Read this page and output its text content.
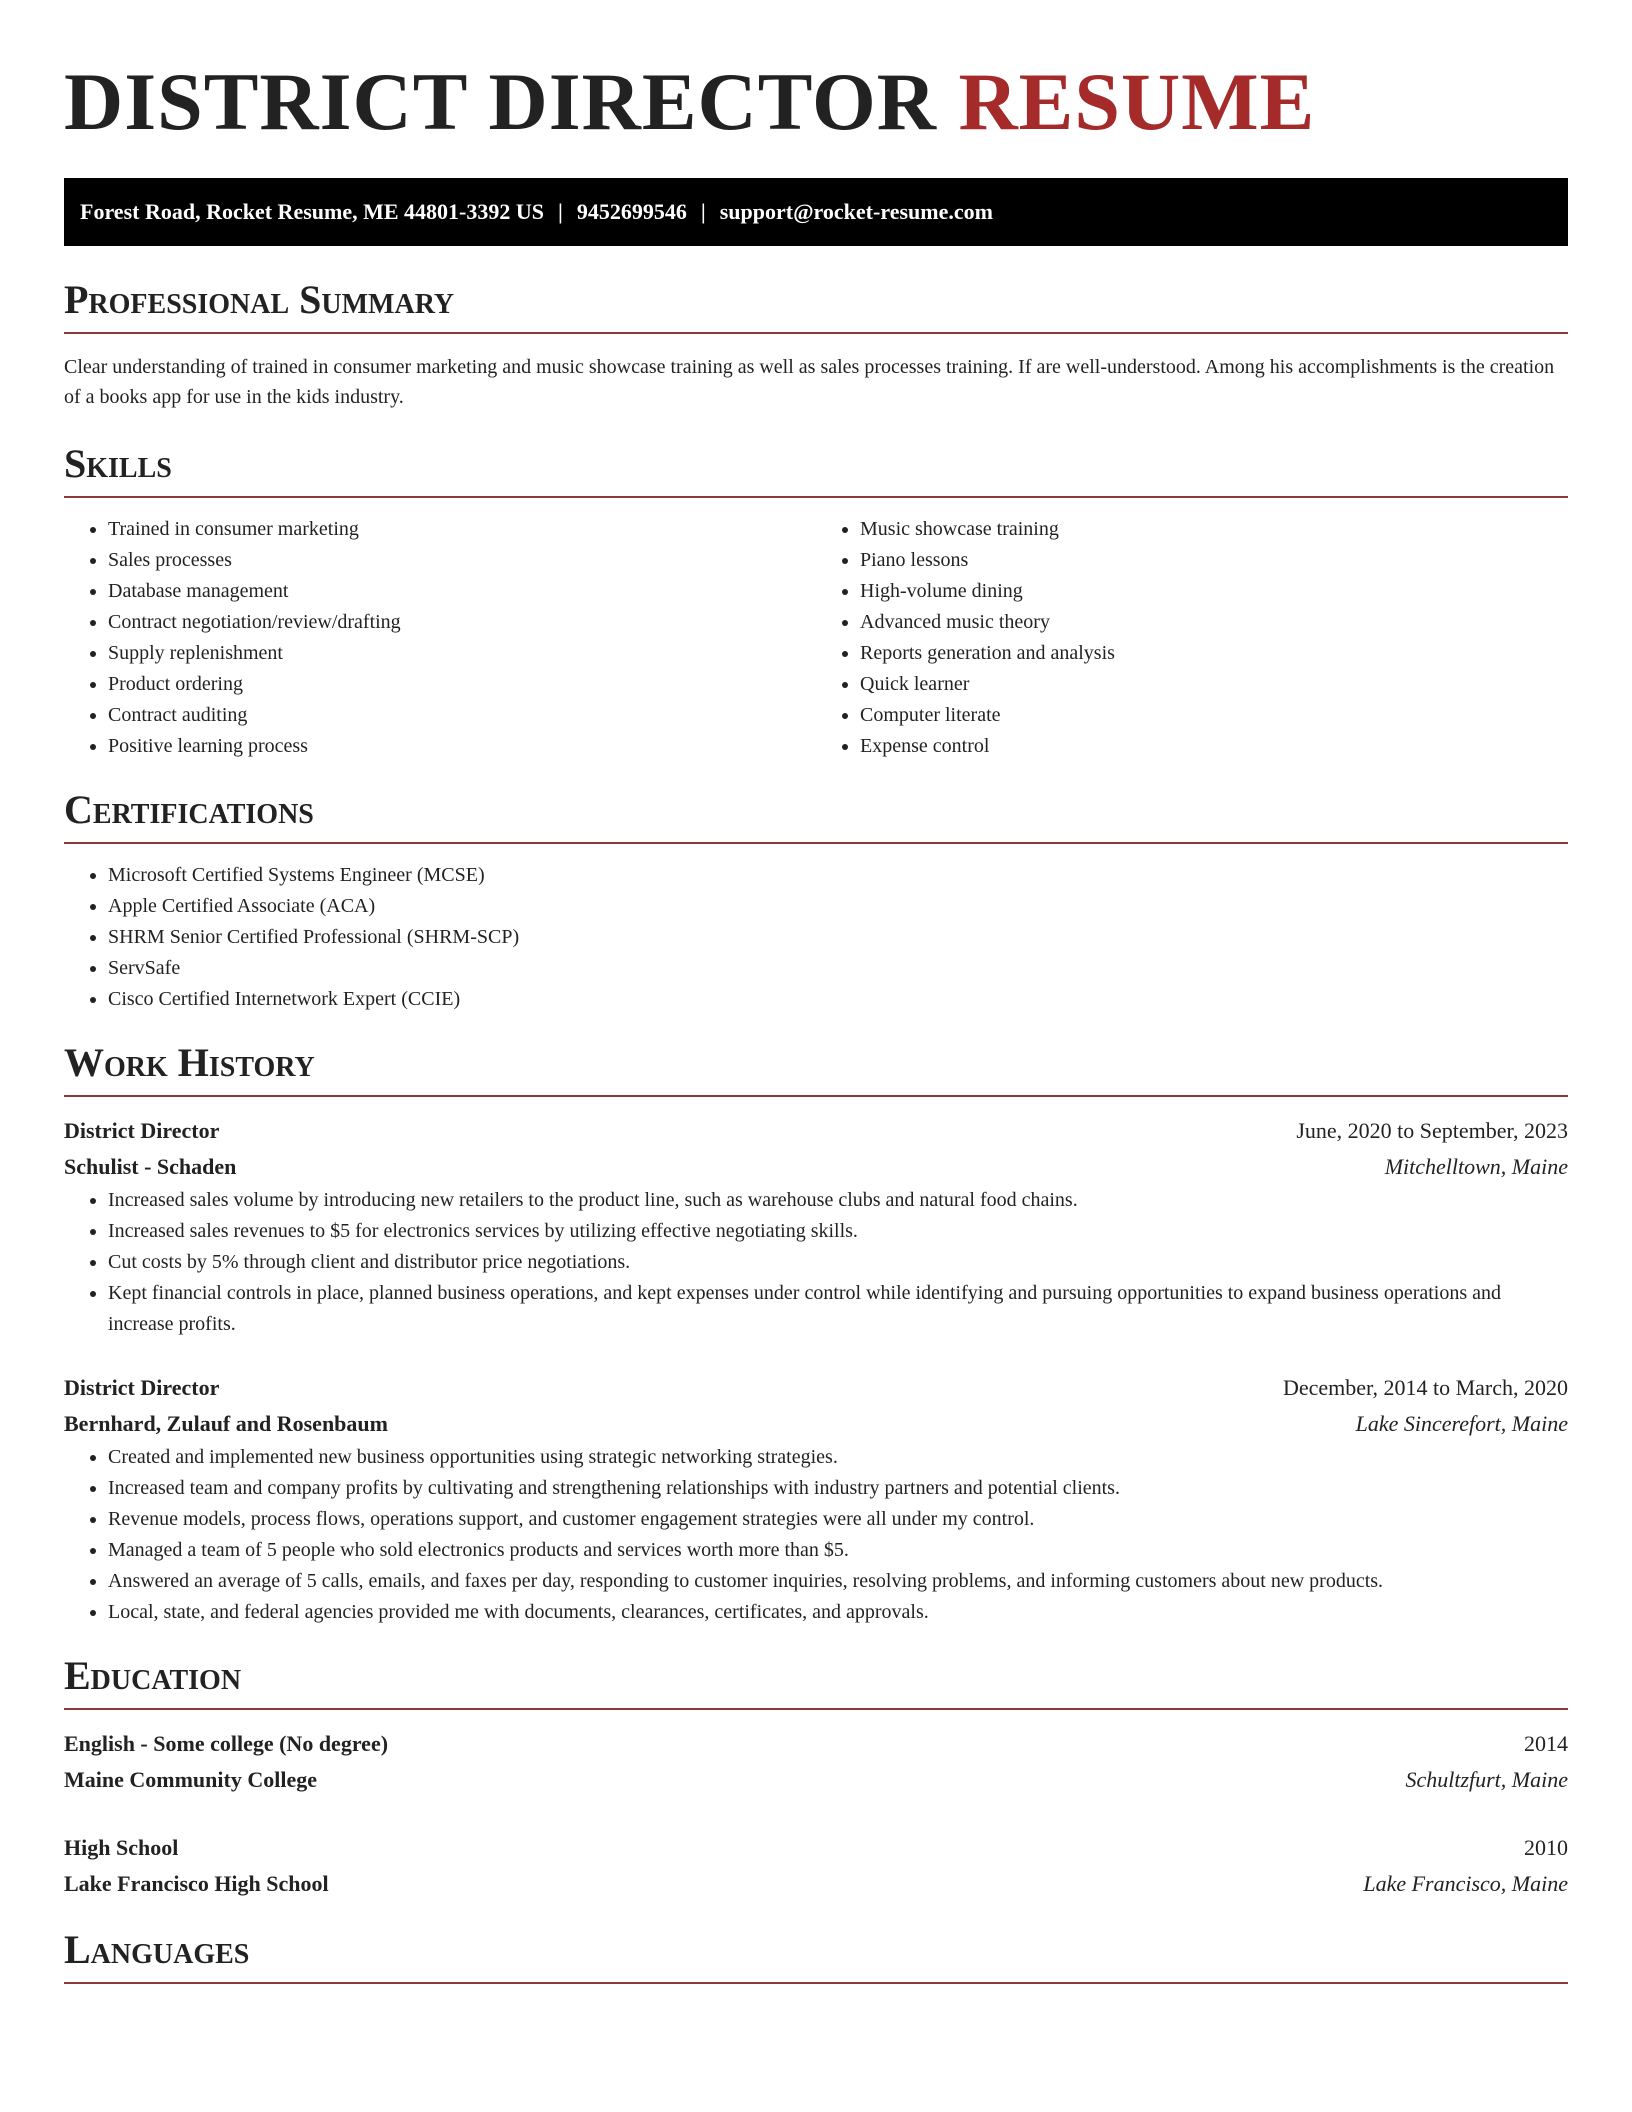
DISTRICT DIRECTOR RESUME
Forest Road, Rocket Resume, ME 44801-3392 US | 9452699546 | support@rocket-resume.com
Professional Summary

Clear understanding of trained in consumer marketing and music showcase training as well as sales processes training. If are well-understood. Among his accomplishments is the creation of a books app for use in the kids industry.

Skills
• Trained in consumer marketing
• Sales processes
• Database management
• Contract negotiation/review/drafting
• Supply replenishment
• Product ordering
• Contract auditing
• Positive learning process
• Music showcase training
• Piano lessons
• High-volume dining
• Advanced music theory
• Reports generation and analysis
• Quick learner
• Computer literate
• Expense control
Certifications
• Microsoft Certified Systems Engineer (MCSE)
• Apple Certified Associate (ACA)
• SHRM Senior Certified Professional (SHRM-SCP)
• ServSafe
• Cisco Certified Internetwork Expert (CCIE)
Work History
District Director	June, 2020 to September, 2023
Schulist - Schaden	Mitchelltown, Maine
• Increased sales volume by introducing new retailers to the product line, such as warehouse clubs and natural food chains.
• Increased sales revenues to $5 for electronics services by utilizing effective negotiating skills.
• Cut costs by 5% through client and distributor price negotiations.
• Kept financial controls in place, planned business operations, and kept expenses under control while identifying and pursuing opportunities to expand business operations and increase profits.
District Director	December, 2014 to March, 2020
Bernhard, Zulauf and Rosenbaum	Lake Sincerefort, Maine
• Created and implemented new business opportunities using strategic networking strategies.
• Increased team and company profits by cultivating and strengthening relationships with industry partners and potential clients.
• Revenue models, process flows, operations support, and customer engagement strategies were all under my control.
• Managed a team of 5 people who sold electronics products and services worth more than $5.
• Answered an average of 5 calls, emails, and faxes per day, responding to customer inquiries, resolving problems, and informing customers about new products.
• Local, state, and federal agencies provided me with documents, clearances, certificates, and approvals.
Education
English - Some college (No degree)	2014
Maine Community College	Schultzfurt, Maine
High School	2010
Lake Francisco High School	Lake Francisco, Maine
Languages
